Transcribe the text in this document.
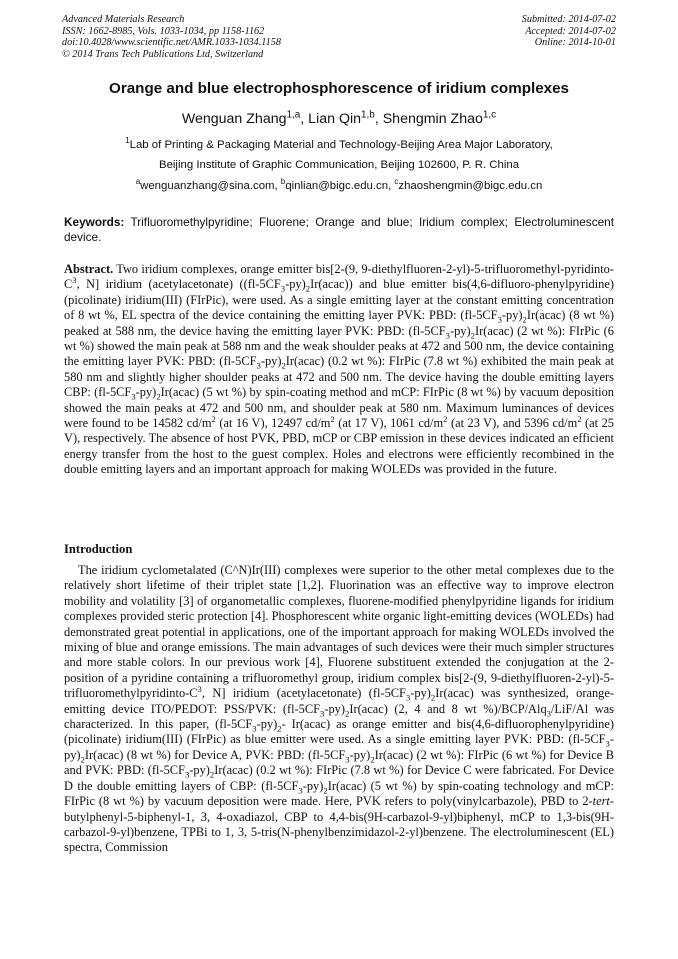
Advanced Materials Research
ISSN: 1662-8985, Vols. 1033-1034, pp 1158-1162
doi:10.4028/www.scientific.net/AMR.1033-1034.1158
© 2014 Trans Tech Publications Ltd, Switzerland
Submitted: 2014-07-02
Accepted: 2014-07-02
Online: 2014-10-01
Orange and blue electrophosphorescence of iridium complexes
Wenguan Zhang$^{1,a}$, Lian Qin$^{1,b}$, Shengmin Zhao$^{1,c}$
$^1$Lab of Printing & Packaging Material and Technology-Beijing Area Major Laboratory,
Beijing Institute of Graphic Communication, Beijing 102600, P. R. China
$^a$wenguanzhang@sina.com, $^b$qinlian@bigc.edu.cn, $^c$zhaoshengmin@bigc.edu.cn
Keywords: Trifluoromethylpyridine; Fluorene; Orange and blue; Iridium complex; Electroluminescent device.
Abstract. Two iridium complexes, orange emitter bis[2-(9, $9-diethylfluoren-2-yl)-5-trifluoromethyl-pyridinto-C^3$, N] iridium (acetylacetonate) $((fl-5CF_3-py)_2Ir(acac))$ and blue emitter bis(4,6-difluoro-phenylpyridine)(picolinate) iridium(III) (FIrPic), were used. As a single emitting layer at the constant emitting concentration of 8 wt %, EL spectra of the device containing the emitting layer PVK: PBD: $(fl-5CF_3-py)_2Ir(acac)$ (8 wt %) peaked at 588 nm, the device having the emitting layer PVK: PBD: $(fl-5CF_3-py)_2Ir(acac)$ (2 wt %): FIrPic (6 wt %) showed the main peak at 588 nm and the weak shoulder peaks at 472 and 500 nm, the device containing the emitting layer PVK: PBD: $(fl-5CF_3-py)_2Ir(acac)$ (0.2 wt %): FIrPic (7.8 wt %) exhibited the main peak at 580 nm and slightly higher shoulder peaks at 472 and 500 nm. The device having the double emitting layers CBP: $(fl-5CF_3-py)_2Ir(acac)$ (5 wt %) by spin-coating method and mCP: FIrPic (8 wt %) by vacuum deposition showed the main peaks at 472 and 500 nm, and shoulder peak at 580 nm. Maximum luminances of devices were found to be 14582 $cd/m^2$ (at 16 V), 12497 $cd/m^2$ (at 17 V), 1061 $cd/m^2$ (at 23 V), and 5396 $cd/m^2$ (at 25 V), respectively. The absence of host PVK, PBD, mCP or CBP emission in these devices indicated an efficient energy transfer from the host to the guest complex. Holes and electrons were efficiently recombined in the double emitting layers and an important approach for making WOLEDs was provided in the future.
Introduction
The iridium cyclometalated (C^N)Ir(III) complexes were superior to the other metal complexes due to the relatively short lifetime of their triplet state [1,2]. Fluorination was an effective way to improve electron mobility and volatility [3] of organometallic complexes, fluorene-modified phenylpyridine ligands for iridium complexes provided steric protection [4]. Phosphorescent white organic light-emitting devices (WOLEDs) had demonstrated great potential in applications, one of the important approach for making WOLEDs involved the mixing of blue and orange emissions. The main advantages of such devices were their much simpler structures and more stable colors. In our previous work [4], Fluorene substituent extended the conjugation at the 2-position of a pyridine containing a trifluoromethyl group, iridium complex bis[2-(9, $9-diethylfluoren-2-yl)-5-trifluoromethylpyridinto-C^3$, N] iridium (acetylacetonate) $(fl-5CF_3-py)_2Ir(acac)$ was synthesized, orange-emitting device ITO/PEDOT: PSS/PVK: $(fl-5CF_3-py)_2Ir(acac)$ (2, 4 and 8 wt %)/BCP/Alq$_3$/LiF/Al was characterized. In this paper, $(fl-5CF_3-py)_2-$ Ir(acac) as orange emitter and bis(4,6-difluorophenylpyridine)(picolinate) iridium(III) (FIrPic) as blue emitter were used. As a single emitting layer PVK: PBD: $(fl-5CF_3-py)_2Ir(acac)$ (8 wt %) for Device A, PVK: PBD: $(fl-5CF_3-py)_2Ir(acac)$ (2 wt %): FIrPic (6 wt %) for Device B and PVK: PBD: $(fl-5CF_3-py)_2Ir(acac)$ (0.2 wt %): FIrPic (7.8 wt %) for Device C were fabricated. For Device D the double emitting layers of CBP: $(fl-5CF_3-py)_2Ir(acac)$ (5 wt %) by spin-coating technology and mCP: FIrPic (8 wt %) by vacuum deposition were made. Here, PVK refers to poly(vinylcarbazole), PBD to 2-tert-butylphenyl-5-biphenyl-1, 3, 4-oxadiazol, CBP to 4,4-bis(9H-carbazol-9-yl)biphenyl, mCP to 1,3-bis(9H-carbazol-9-yl)benzene, TPBi to 1, 3, 5-tris(N-phenylbenzimidazol-2-yl)benzene. The electroluminescent (EL) spectra, Commission
